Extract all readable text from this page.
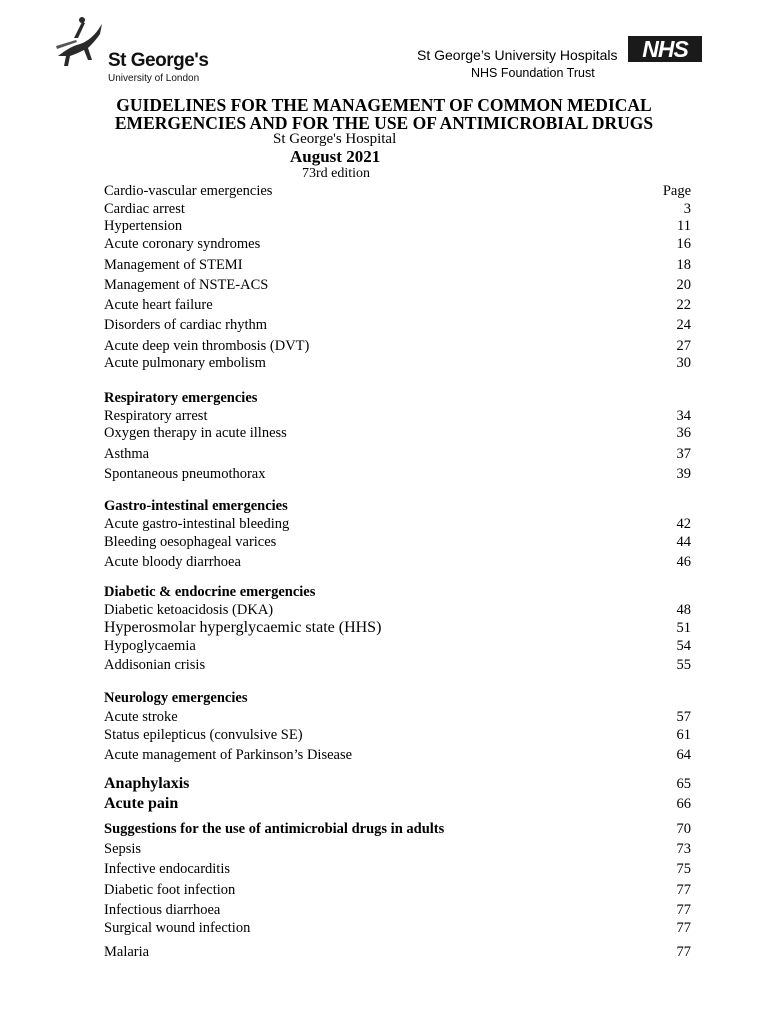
St George's
University of London
St George’s University Hospitals
NHS Foundation Trust
NHS
GUIDELINES FOR THE MANAGEMENT OF COMMON MEDICAL
EMERGENCIES AND FOR THE USE OF ANTIMICROBIAL DRUGS
St George's Hospital
August 2021
73rd edition
Cardio-vascular emergencies	Page
Cardiac arrest	3
Hypertension	11
Acute coronary syndromes	16
Management of STEMI	18
Management of NSTE-ACS	20
Acute heart failure	22
Disorders of cardiac rhythm	24
Acute deep vein thrombosis (DVT)	27
Acute pulmonary embolism	30
Respiratory emergencies
Respiratory arrest	34
Oxygen therapy in acute illness	36
Asthma	37
Spontaneous pneumothorax	39
Gastro-intestinal emergencies
Acute gastro-intestinal bleeding	42
Bleeding oesophageal varices	44
Acute bloody diarrhoea	46
Diabetic & endocrine emergencies
Diabetic ketoacidosis (DKA)	48
Hyperosmolar hyperglycaemic state (HHS)	51
Hypoglycaemia	54
Addisonian crisis	55
Neurology emergencies
Acute stroke	57
Status epilepticus (convulsive SE)	61
Acute management of Parkinson’s Disease	64
Anaphylaxis	65
Acute pain	66
Suggestions for the use of antimicrobial drugs in adults	70
Sepsis	73
Infective endocarditis	75
Diabetic foot infection	77
Infectious diarrhoea	77
Surgical wound infection	77
Malaria	77
